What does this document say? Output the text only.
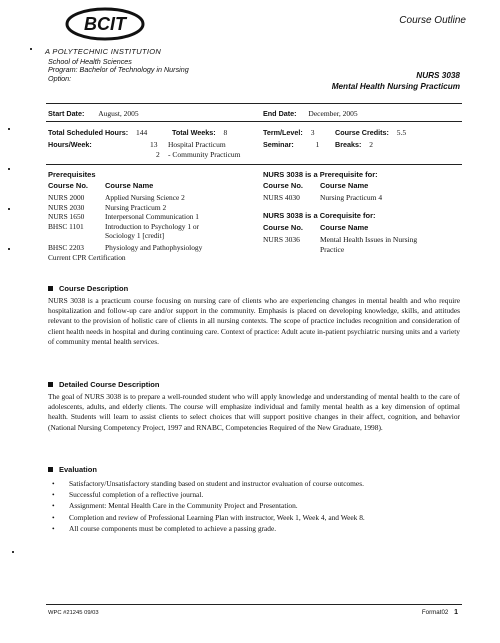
BCIT	Course Outline
A POLYTECHNIC INSTITUTION
School of Health Sciences
Program: Bachelor of Technology in Nursing
Option:	NURS 3038
Mental Health Nursing Practicum
Start Date: August, 2005	End Date: December, 2005
Total Scheduled Hours: 144	Total Weeks: 8	Term/Level: 3	Course Credits: 5.5
Hours/Week:	13 Hospital Practicum
2 - Community Practicum
Seminar:	1 Breaks: 2
Prerequisites
Course No. Course Name
NURS 2000	Applied Nursing Science 2
NURS 2030	Nursing Practicum 2
NURS 1650	Interpersonal Communication 1
BHSC 1101	Introduction to Psychology 1 or
Sociology 1 [credit]
BHSC 2203	Physiology and Pathophysiology
Current CPR Certification
NURS 3038 is a Prerequisite for:
Course No. Course Name
NURS 4030	Nursing Practicum 4
NURS 3038 is a Corequisite for:
Course No. Course Name
NURS 3036	Mental Health Issues in Nursing
Practice
Course Description
NURS 3038 is a practicum course focusing on nursing care of clients who are experiencing changes in mental health and who require hospitalization and follow-up care and/or support in the community. Emphasis is placed on developing knowledge, skills, and attitudes relevant to the provision of holistic care of clients in all nursing contexts. The scope of practice includes recognition and consideration of client health needs in hospital and during continuing care. Context of practice: Adult acute in-patient psychiatric nursing units and a variety of community mental health services.
Detailed Course Description
The goal of NURS 3038 is to prepare a well-rounded student who will apply knowledge and understanding of mental health to the care of adolescents, adults, and elderly clients. The course will emphasize individual and family mental health as a key dimension of optimal health. Students will learn to assist clients to select choices that will support positive changes in their affect, cognition, and behavior (National Nursing Competency Project, 1997 and RNABC, Competencies Required of the New Graduate, 1998).
Evaluation
• Satisfactory/Unsatisfactory standing based on student and instructor evaluation of course outcomes.
• Successful completion of a reflective journal.
• Assignment: Mental Health Care in the Community Project and Presentation.
• Completion and review of Professional Learning Plan with instructor, Week 1, Week 4, and Week 8.
• All course components must be completed to achieve a passing grade.
WPC #21245 09/03	Format02 1
